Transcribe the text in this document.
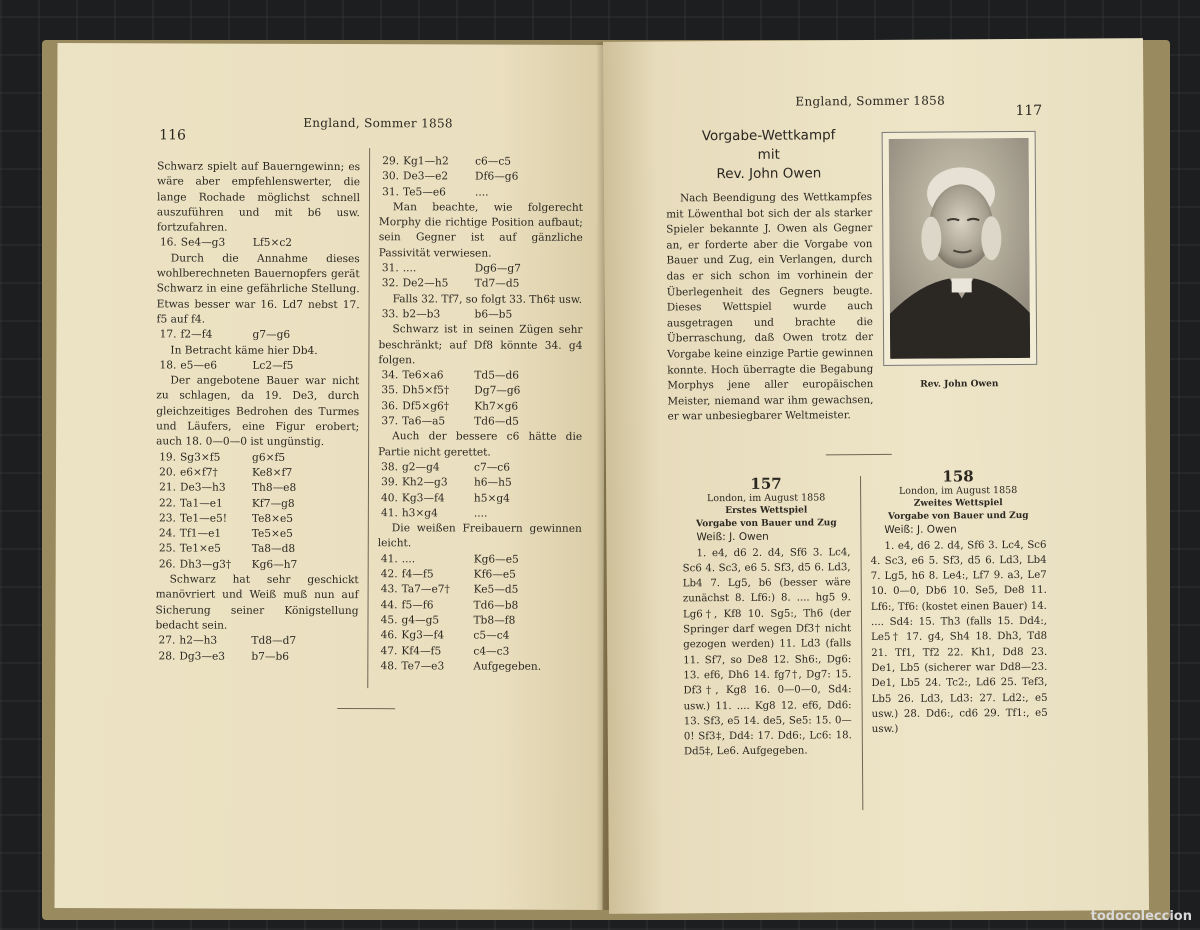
116
England, Sommer 1858

Schwarz spielt auf Bauerngewinn; es wäre aber empfehlenswerter, die lange Rochade möglichst schnell auszuführen und mit b6 usw. fortzufahren.

16. Se4—g3	Lf5×c2

Durch die Annahme dieses wohlberechneten Bauernopfers gerät Schwarz in eine gefährliche Stellung. Etwas besser war 16. Ld7 nebst 17. f5 auf f4.

17. f2—f4	g7—g6

In Betracht käme hier Db4.

18. e5—e6	Lc2—f5

Der angebotene Bauer war nicht zu schlagen, da 19. De3, durch gleichzeitiges Bedrohen des Turmes und Läufers, eine Figur erobert; auch 18. 0—0—0 ist ungünstig.

19. Sg3×f5	g6×f5
20. e6×f7†	Ke8×f7
21. De3—h3	Th8—e8
22. Ta1—e1	Kf7—g8
23. Te1—e5!	Te8×e5
24. Tf1—e1	Te5×e5
25. Te1×e5	Ta8—d8
26. Dh3—g3†	Kg6—h7

Schwarz hat sehr geschickt manövriert und Weiß muß nun auf Sicherung seiner Königstellung bedacht sein.

27. h2—h3	Td8—d7
28. Dg3—e3	b7—b6
29. Kg1—h2	c6—c5
30. De3—e2	Df6—g6
31. Te5—e6	....

Man beachte, wie folgerecht Morphy die richtige Position aufbaut; sein Gegner ist auf gänzliche Passivität verwiesen.

31. ....	Dg6—g7
32. De2—h5	Td7—d5

Falls 32. Tf7, so folgt 33. Th6‡ usw.

33. b2—b3	b6—b5

Schwarz ist in seinen Zügen sehr beschränkt; auf Df8 könnte 34. g4 folgen.

34. Te6×a6	Td5—d6
35. Dh5×f5†	Dg7—g6
36. Df5×g6†	Kh7×g6
37. Ta6—a5	Td6—d5

Auch der bessere c6 hätte die Partie nicht gerettet.

38. g2—g4	c7—c6
39. Kh2—g3	h6—h5
40. Kg3—f4	h5×g4
41. h3×g4	....

Die weißen Freibauern gewinnen leicht.

41. ....	Kg6—e5
42. f4—f5	Kf6—e5
43. Ta7—e7†	Ke5—d5
44. f5—f6	Td6—b8
45. g4—g5	Tb8—f8
46. Kg3—f4	c5—c4
47. Kf4—f5	c4—c3
48. Te7—e3	Aufgegeben.
England, Sommer 1858
117
Vorgabe-Wettkampf
mit
Rev. John Owen

Nach Beendigung des Wettkampfes mit Löwenthal bot sich der als starker Spieler bekannte J. Owen als Gegner an, er forderte aber die Vorgabe von Bauer und Zug, ein Verlangen, durch das er sich schon im vorhinein der Überlegenheit des Gegners beugte. Dieses Wettspiel wurde auch ausgetragen und brachte die Überraschung, daß Owen trotz der Vorgabe keine einzige Partie gewinnen konnte. Hoch überragte die Begabung Morphys jene aller europäischen Meister, niemand war ihm gewachsen, er war unbesiegbarer Weltmeister.

Rev. John Owen
157
London, im August 1858
Erstes Wettspiel
Vorgabe von Bauer und Zug
Weiß: J. Owen

1. e4, d6 2. d4, Sf6 3. Lc4, Sc6 4. Sc3, e6 5. Sf3, d5 6. Ld3, Lb4 7. Lg5, b6 (besser wäre zunächst 8. Lf6:) 8. .... hg5 9. Lg6†, Kf8 10. Sg5:, Th6 (der Springer darf wegen Df3† nicht gezogen werden) 11. Ld3 (falls 11. Sf7, so De8 12. Sh6:, Dg6: 13. ef6, Dh6 14. fg7†, Dg7: 15. Df3†, Kg8 16. 0—0—0, Sd4: usw.) 11. .... Kg8 12. ef6, Dd6: 13. Sf3, e5 14. de5, Se5: 15. 0—0! Sf3‡, Dd4: 17. Dd6:, Lc6: 18. Dd5‡, Le6. Aufgegeben.

158
London, im August 1858
Zweites Wettspiel
Vorgabe von Bauer und Zug
Weiß: J. Owen

1. e4, d6 2. d4, Sf6 3. Lc4, Sc6 4. Sc3, e6 5. Sf3, d5 6. Ld3, Lb4 7. Lg5, h6 8. Le4:, Lf7 9. a3, Le7 10. 0—0, Db6 10. Se5, De8 11. Lf6:, Tf6: (kostet einen Bauer) 14. .... Sd4: 15. Th3 (falls 15. Dd4:, Le5† 17. g4, Sh4 18. Dh3, Td8 21. Tf1, Tf2 22. Kh1, Dd8 23. De1, Lb5 (sicherer war Dd8—23. De1, Lb5 24. Tc2:, Ld6 25. Tef3, Lb5 26. Ld3, Ld3: 27. Ld2:, e5 usw.) 28. Dd6:, cd6 29. Tf1:, e5 usw.)

todocoleccion
